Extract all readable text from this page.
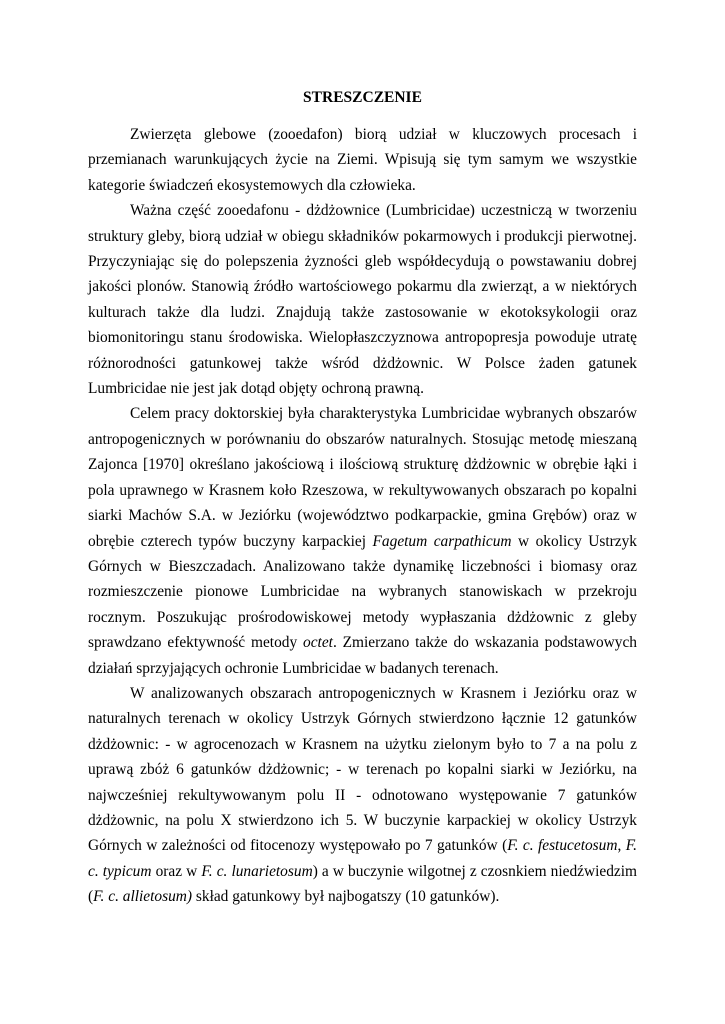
STRESZCZENIE

Zwierzęta glebowe (zooedafon) biorą udział w kluczowych procesach i przemianach warunkujących życie na Ziemi. Wpisują się tym samym we wszystkie kategorie świadczeń ekosystemowych dla człowieka.

Ważna część zooedafonu - dżdżownice (Lumbricidae) uczestniczą w tworzeniu struktury gleby, biorą udział w obiegu składników pokarmowych i produkcji pierwotnej. Przyczyniając się do polepszenia żyzności gleb współdecydują o powstawaniu dobrej jakości plonów. Stanowią źródło wartościowego pokarmu dla zwierząt, a w niektórych kulturach także dla ludzi. Znajdują także zastosowanie w ekotoksykologii oraz biomonitoringu stanu środowiska. Wielopłaszczyznowa antropopresja powoduje utratę różnorodności gatunkowej także wśród dżdżownic. W Polsce żaden gatunek Lumbricidae nie jest jak dotąd objęty ochroną prawną.

Celem pracy doktorskiej była charakterystyka Lumbricidae wybranych obszarów antropogenicznych w porównaniu do obszarów naturalnych. Stosując metodę mieszaną Zajonca [1970] określano jakościową i ilościową strukturę dżdżownic w obrębie łąki i pola uprawnego w Krasnem koło Rzeszowa, w rekultywowanych obszarach po kopalni siarki Machów S.A. w Jeziórku (województwo podkarpackie, gmina Grębów) oraz w obrębie czterech typów buczyny karpackiej Fagetum carpathicum w okolicy Ustrzyk Górnych w Bieszczadach. Analizowano także dynamikę liczebności i biomasy oraz rozmieszczenie pionowe Lumbricidae na wybranych stanowiskach w przekroju rocznym. Poszukując prośrodowiskowej metody wypłaszania dżdżownic z gleby sprawdzano efektywność metody octet. Zmierzano także do wskazania podstawowych działań sprzyjających ochronie Lumbricidae w badanych terenach.

W analizowanych obszarach antropogenicznych w Krasnem i Jeziórku oraz w naturalnych terenach w okolicy Ustrzyk Górnych stwierdzono łącznie 12 gatunków dżdżownic: - w agrocenozach w Krasnem na użytku zielonym było to 7 a na polu z uprawą zbóż 6 gatunków dżdżownic; - w terenach po kopalni siarki w Jeziórku, na najwcześniej rekultywowanym polu II - odnotowano występowanie 7 gatunków dżdżownic, na polu X stwierdzono ich 5. W buczynie karpackiej w okolicy Ustrzyk Górnych w zależności od fitocenozy występowało po 7 gatunków (F. c. festucetosum, F. c. typicum oraz w F. c. lunarietosum) a w buczynie wilgotnej z czosnkiem niedźwiedzim (F. c. allietosum) skład gatunkowy był najbogatszy (10 gatunków).
